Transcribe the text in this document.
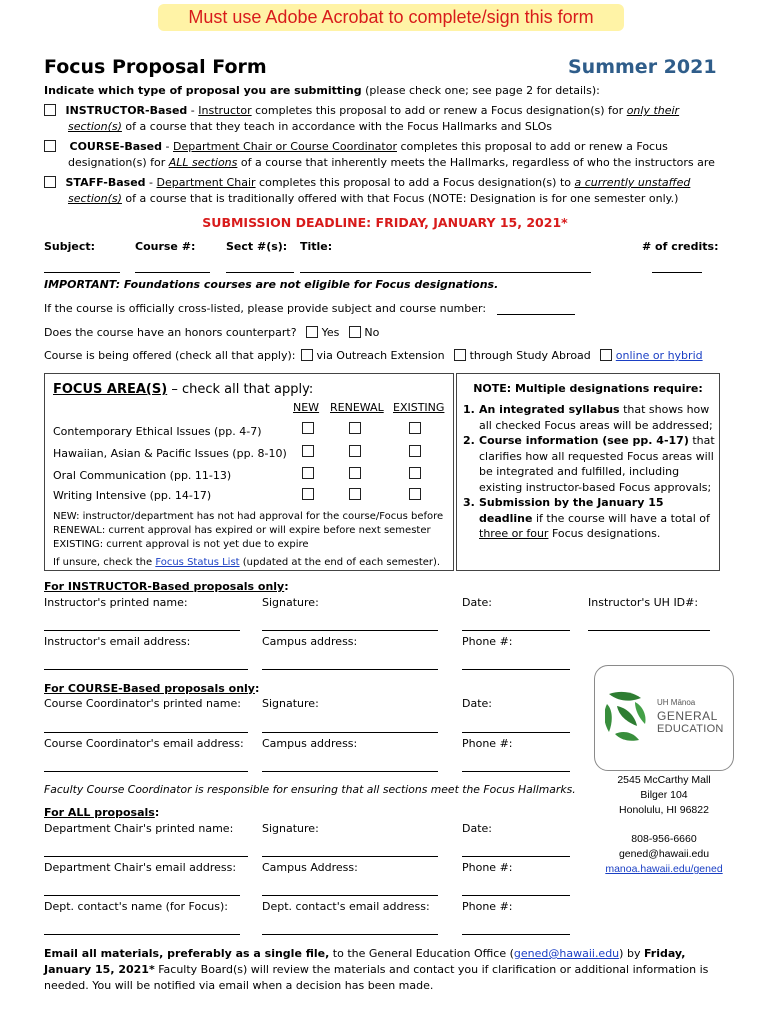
Must use Adobe Acrobat to complete/sign this form
Focus Proposal Form	Summer 2021
Indicate which type of proposal you are submitting (please check one; see page 2 for details):
INSTRUCTOR-Based - Instructor completes this proposal to add or renew a Focus designation(s) for only their
section(s) of a course that they teach in accordance with the Focus Hallmarks and SLOs
COURSE-Based - Department Chair or Course Coordinator completes this proposal to add or renew a Focus
designation(s) for ALL sections of a course that inherently meets the Hallmarks, regardless of who the instructors are
STAFF-Based - Department Chair completes this proposal to add a Focus designation(s) to a currently unstaffed
section(s) of a course that is traditionally offered with that Focus (NOTE: Designation is for one semester only.)
SUBMISSION DEADLINE: FRIDAY, JANUARY 15, 2021*
Subject:	Course #:	Sect #(s): Title:	# of credits:
IMPORTANT: Foundations courses are not eligible for Focus designations.
If the course is officially cross-listed, please provide subject and course number:
Does the course have an honors counterpart? Yes No
Course is being offered (check all that apply): via Outreach Extension through Study Abroad online or hybrid
FOCUS AREA(S) – check all that apply:
NEW RENEWAL EXISTING
Contemporary Ethical Issues (pp. 4-7)
Hawaiian, Asian & Pacific Issues (pp. 8-10)
Oral Communication (pp. 11-13)
Writing Intensive (pp. 14-17)
NEW: instructor/department has not had approval for the course/Focus before
RENEWAL: current approval has expired or will expire before next semester
EXISTING: current approval is not yet due to expire
If unsure, check the Focus Status List (updated at the end of each semester).
NOTE: Multiple designations require:
1. An integrated syllabus that shows how all checked Focus areas will be addressed;
2. Course information (see pp. 4-17) that clarifies how all requested Focus areas will be integrated and fulfilled, including existing instructor-based Focus approvals;
3. Submission by the January 15 deadline if the course will have a total of three or four Focus designations.
For INSTRUCTOR-Based proposals only:
Instructor's printed name:	Signature:	Date:	Instructor's UH ID#:
Instructor's email address:	Campus address:	Phone #:
For COURSE-Based proposals only:
Course Coordinator's printed name: Signature:	Date:
Course Coordinator's email address: Campus address:	Phone #:
Faculty Course Coordinator is responsible for ensuring that all sections meet the Focus Hallmarks.
For ALL proposals:
Department Chair's printed name:	Signature:	Date:
Department Chair's email address: Campus Address:	Phone #:
Dept. contact's name (for Focus):	Dept. contact's email address:	Phone #:
UH Mānoa
GENERAL
EDUCATION
2545 McCarthy Mall
Bilger 104
Honolulu, HI 96822
808-956-6660
gened@hawaii.edu
manoa.hawaii.edu/gened
Email all materials, preferably as a single file, to the General Education Office (gened@hawaii.edu) by Friday,
January 15, 2021* Faculty Board(s) will review the materials and contact you if clarification or additional information is
needed. You will be notified via email when a decision has been made.
